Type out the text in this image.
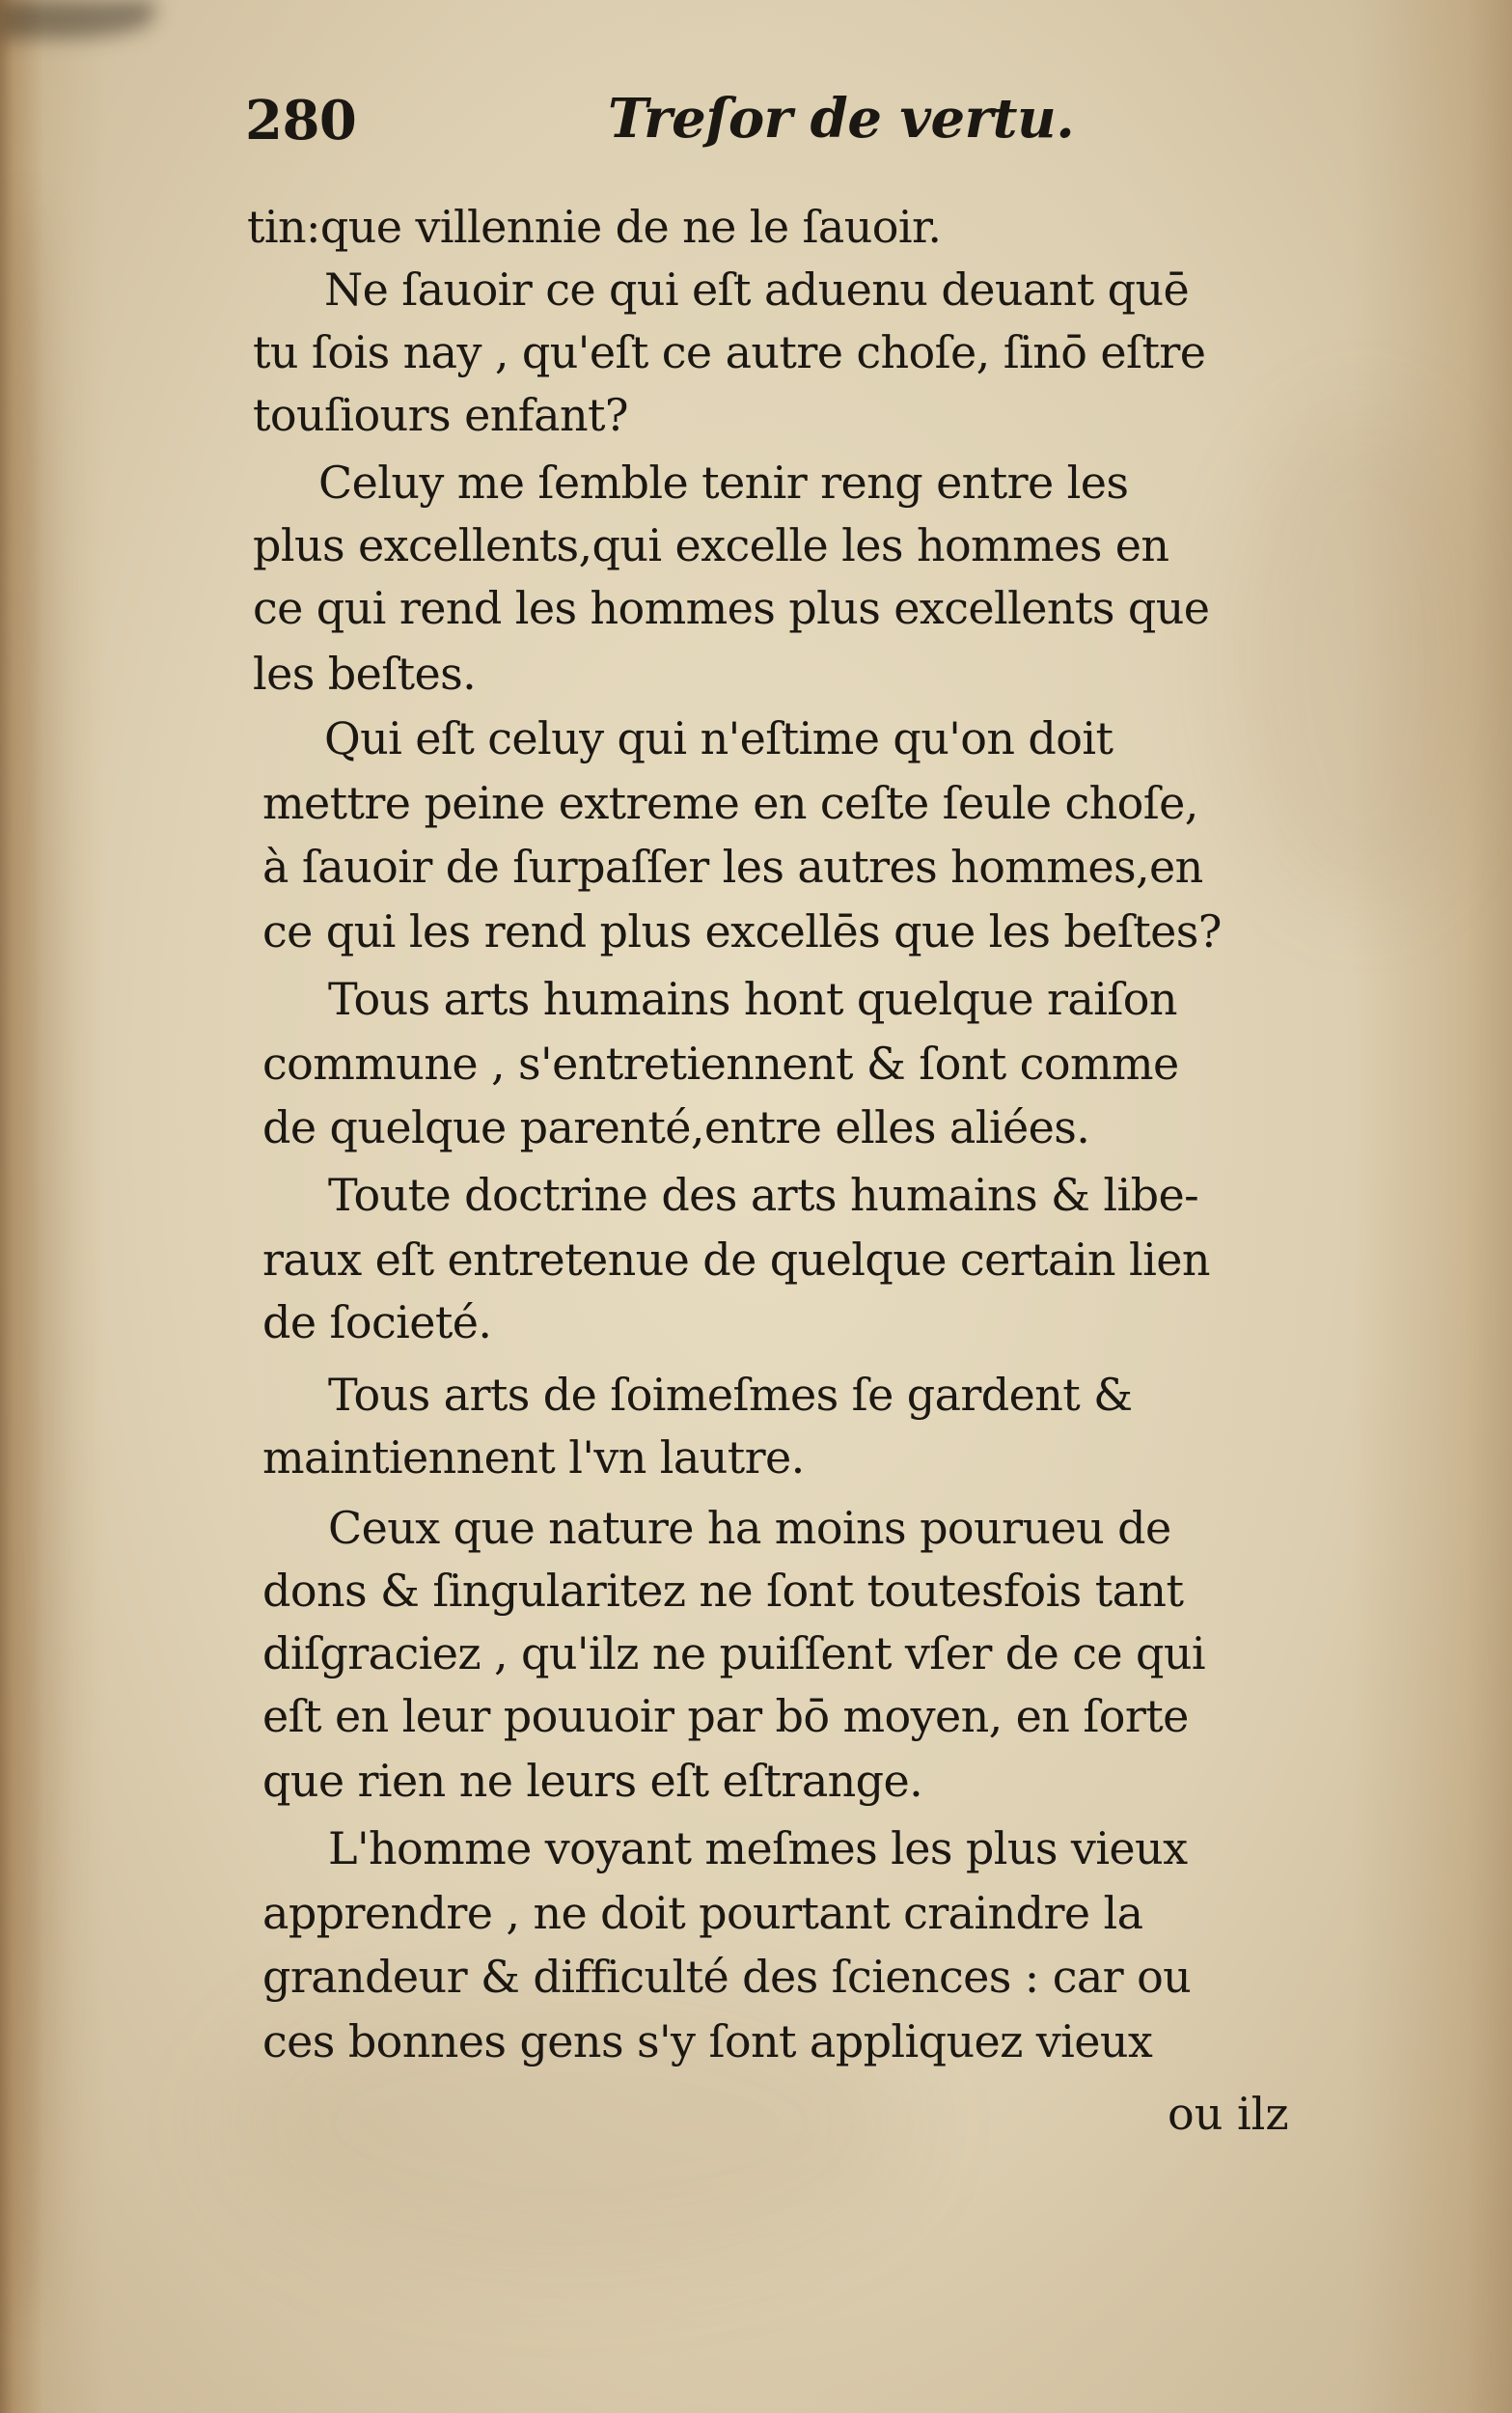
280	Treſor de vertu.
tin:que villennie de ne le ſauoir.
Ne ſauoir ce qui eſt aduenu deuant quē
tu ſois nay , qu'eſt ce autre choſe, ſinō eſtre
touſiours enfant?
Celuy me ſemble tenir reng entre les
plus excellents,qui excelle les hommes en
ce qui rend les hommes plus excellents que
les beſtes.
Qui eſt celuy qui n'eſtime qu'on doit
mettre peine extreme en ceſte ſeule choſe,
à ſauoir de ſurpaſſer les autres hommes,en
ce qui les rend plus excellēs que les beſtes?
Tous arts humains hont quelque raiſon
commune , s'entretiennent & ſont comme
de quelque parenté,entre elles aliées.
Toute doctrine des arts humains & libe-
raux eſt entretenue de quelque certain lien
de ſocieté.
Tous arts de ſoimeſmes ſe gardent &
maintiennent l'vn lautre.
Ceux que nature ha moins pourueu de
dons & ſingularitez ne ſont toutesfois tant
diſgraciez , qu'ilz ne puiſſent vſer de ce qui
eſt en leur pouuoir par bō moyen, en ſorte
que rien ne leurs eſt eſtrange.
L'homme voyant meſmes les plus vieux
apprendre , ne doit pourtant craindre la
grandeur & difficulté des ſciences : car ou
ces bonnes gens s'y ſont appliquez vieux
ou ilz
